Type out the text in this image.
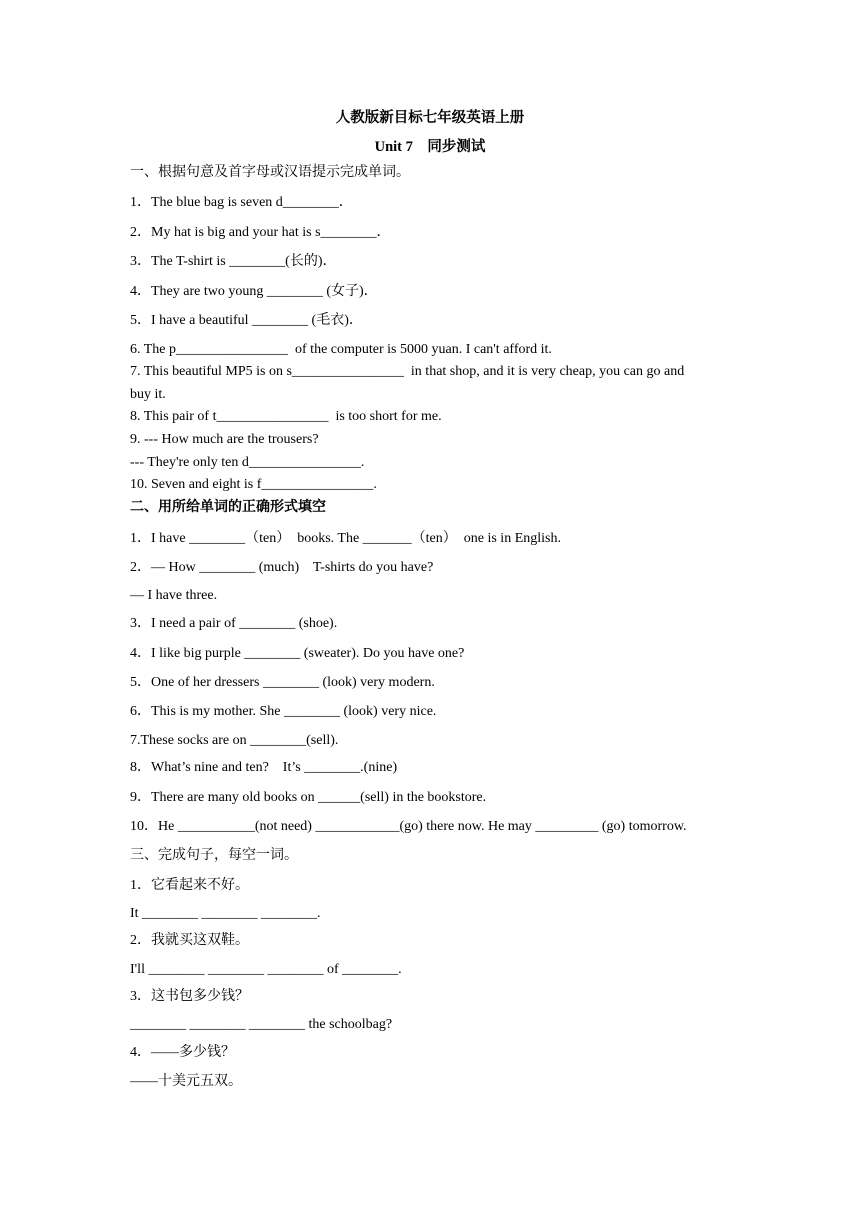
人教版新目标七年级英语上册
Unit 7    同步测试
一、根据句意及首字母或汉语提示完成单词。
1．The blue bag is seven d________．
2．My hat is big and your hat is s________．
3．The T-shirt is ________(长的)．
4．They are two young ________ (女子)．
5．I have a beautiful ________ (毛衣)．
6. The p________________  of the computer is 5000 yuan. I can't afford it.
7. This beautiful MP5 is on s________________  in that shop, and it is very cheap, you can go and
buy it.
8. This pair of t________________  is too short for me.
9. --- How much are the trousers?
--- They're only ten d________________.
10. Seven and eight is f________________.
二、用所给单词的正确形式填空
1．I have ________（ten）  books. The _______（ten）  one is in English.
2．— How ________ (much)    T-shirts do you have?
— I have three.
3．I need a pair of ________ (shoe).
4．I like big purple ________ (sweater). Do you have one?
5．One of her dressers ________ (look) very modern.
6．This is my mother. She ________ (look) very nice.
7.These socks are on ________(sell).
8．What’s nine and ten?    It’s ________.(nine)
9．There are many old books on ______(sell) in the bookstore.
10．He ___________(not need) ____________(go) there now. He may _________ (go) tomorrow.
三、完成句子，每空一词。
1．它看起来不好。
It ________ ________ ________.
2．我就买这双鞋。
I'll ________ ________ ________ of ________.
3．这书包多少钱？
________ ________ ________ the schoolbag?
4．——多少钱？
——十美元五双。
